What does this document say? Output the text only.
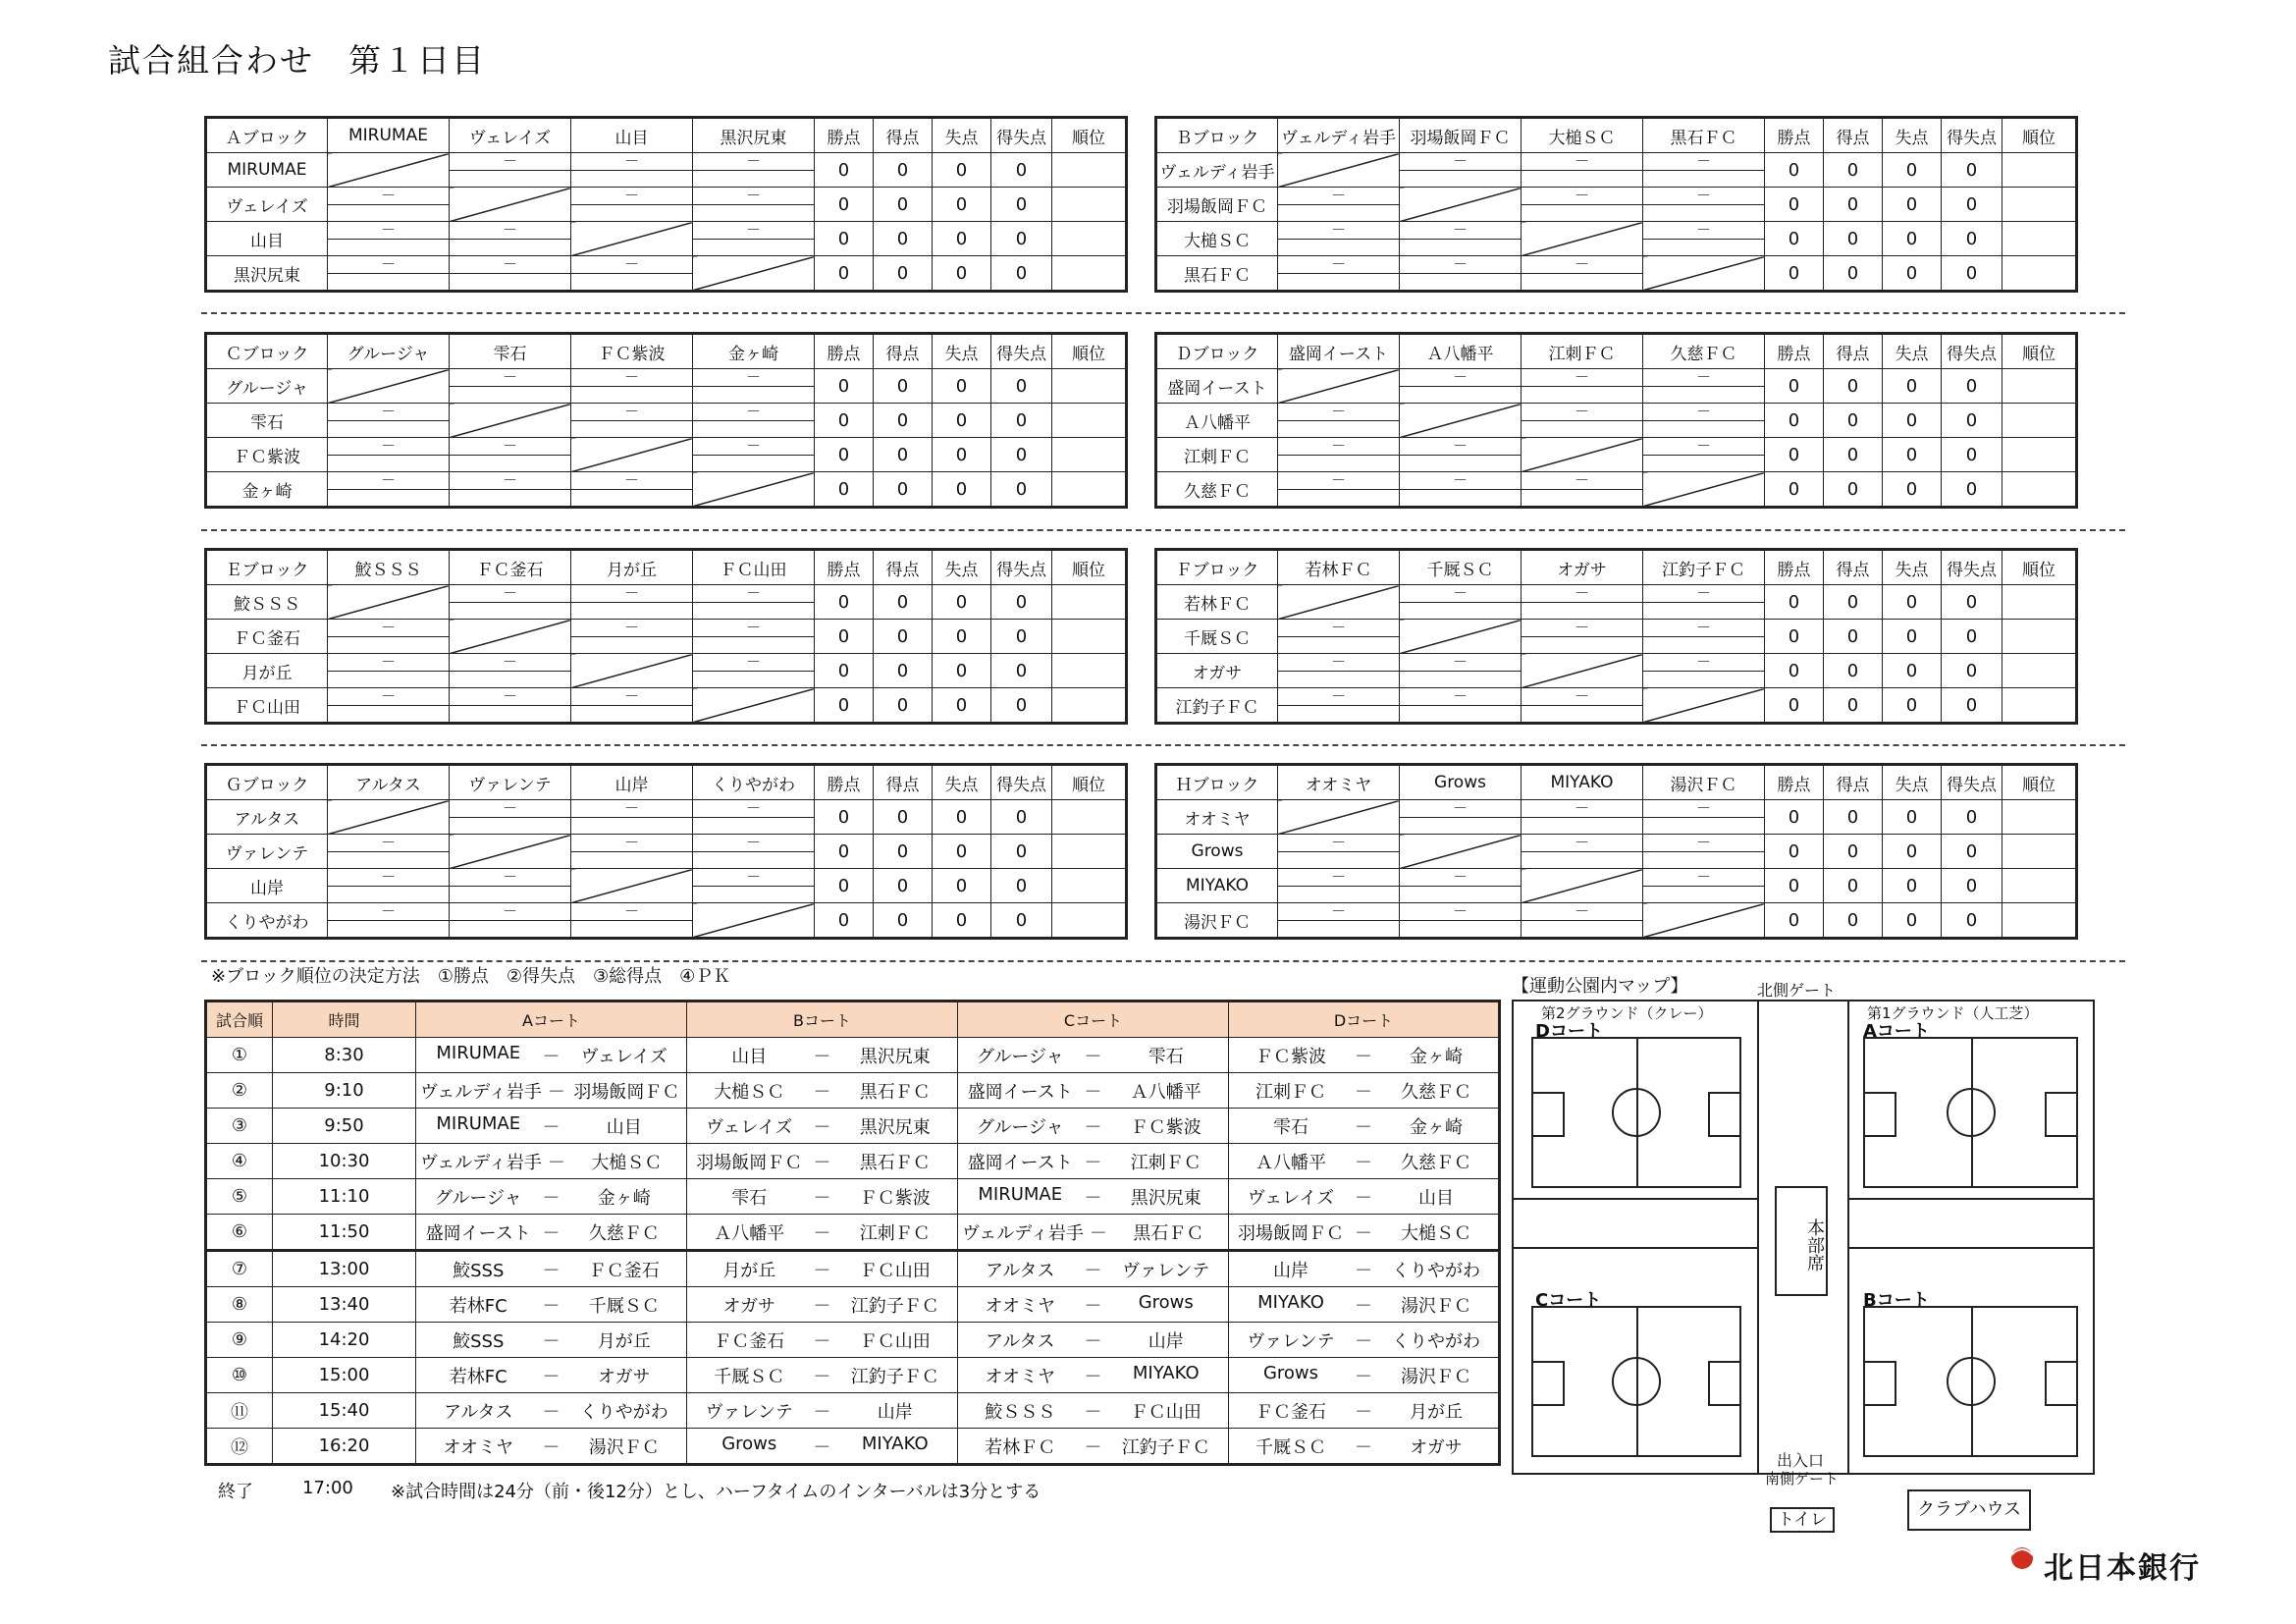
試合組合わせ　第１日目
Ａブロック	MIRUMAE	ヴェレイズ	山目	黒沢尻東	勝点	得点	失点	得失点	順位
MIRUMAE		－	－	－	0	0	0	0	
ヴェレイズ	－		－	－	0	0	0	0	
山目	－	－		－	0	0	0	0	
黒沢尻東	－	－	－		0	0	0	0	
Ｂブロック	ヴェルディ岩手	羽場飯岡ＦＣ	大槌ＳＣ	黒石ＦＣ	勝点	得点	失点	得失点	順位
ヴェルディ岩手		－	－	－	0	0	0	0	
羽場飯岡ＦＣ	－		－	－	0	0	0	0	
大槌ＳＣ	－	－		－	0	0	0	0	
黒石ＦＣ	－	－	－		0	0	0	0	
Ｃブロック	グルージャ	雫石	ＦＣ紫波	金ヶ崎	勝点	得点	失点	得失点	順位
グルージャ		－	－	－	0	0	0	0	
雫石	－		－	－	0	0	0	0	
ＦＣ紫波	－	－		－	0	0	0	0	
金ヶ崎	－	－	－		0	0	0	0	
Ｄブロック	盛岡イースト	Ａ八幡平	江刺ＦＣ	久慈ＦＣ	勝点	得点	失点	得失点	順位
盛岡イースト		－	－	－	0	0	0	0	
Ａ八幡平	－		－	－	0	0	0	0	
江刺ＦＣ	－	－		－	0	0	0	0	
久慈ＦＣ	－	－	－		0	0	0	0	
Ｅブロック	鮫ＳＳＳ	ＦＣ釜石	月が丘	ＦＣ山田	勝点	得点	失点	得失点	順位
鮫ＳＳＳ		－	－	－	0	0	0	0	
ＦＣ釜石	－		－	－	0	0	0	0	
月が丘	－	－		－	0	0	0	0	
ＦＣ山田	－	－	－		0	0	0	0	
Ｆブロック	若林ＦＣ	千厩ＳＣ	オガサ	江釣子ＦＣ	勝点	得点	失点	得失点	順位
若林ＦＣ		－	－	－	0	0	0	0	
千厩ＳＣ	－		－	－	0	0	0	0	
オガサ	－	－		－	0	0	0	0	
江釣子ＦＣ	－	－	－		0	0	0	0	
Ｇブロック	アルタス	ヴァレンテ	山岸	くりやがわ	勝点	得点	失点	得失点	順位
アルタス		－	－	－	0	0	0	0	
ヴァレンテ	－		－	－	0	0	0	0	
山岸	－	－		－	0	0	0	0	
くりやがわ	－	－	－		0	0	0	0	
Ｈブロック	オオミヤ	Grows	MIYAKO	湯沢ＦＣ	勝点	得点	失点	得失点	順位
オオミヤ		－	－	－	0	0	0	0	
Grows	－		－	－	0	0	0	0	
MIYAKO	－	－		－	0	0	0	0	
湯沢ＦＣ	－	－	－		0	0	0	0	
※ブロック順位の決定方法　①勝点　②得失点　③総得点　④ＰＫ
試合順	時間	Aコート	Bコート	Cコート	Dコート
①	8:30	MIRUMAE － ヴェレイズ	山目 － 黒沢尻東	グルージャ － 雫石	ＦＣ紫波 － 金ヶ崎

②	9:10	ヴェルディ岩手 － 羽場飯岡ＦＣ	大槌ＳＣ － 黒石ＦＣ	盛岡イースト － Ａ八幡平	江刺ＦＣ － 久慈ＦＣ

③	9:50	MIRUMAE － 山目	ヴェレイズ － 黒沢尻東	グルージャ － ＦＣ紫波	雫石 － 金ヶ崎

④	10:30	ヴェルディ岩手 － 大槌ＳＣ	羽場飯岡ＦＣ － 黒石ＦＣ	盛岡イースト － 江刺ＦＣ	Ａ八幡平 － 久慈ＦＣ

⑤	11:10	グルージャ － 金ヶ崎	雫石 － ＦＣ紫波	MIRUMAE － 黒沢尻東	ヴェレイズ － 山目

⑥	11:50	盛岡イースト － 久慈ＦＣ	Ａ八幡平 － 江刺ＦＣ	ヴェルディ岩手 － 黒石ＦＣ	羽場飯岡ＦＣ － 大槌ＳＣ

⑦	13:00	鮫SSS － ＦＣ釜石	月が丘 － ＦＣ山田	アルタス － ヴァレンテ	山岸 － くりやがわ

⑧	13:40	若林FC － 千厩ＳＣ	オガサ － 江釣子ＦＣ	オオミヤ － Grows	MIYAKO － 湯沢ＦＣ

⑨	14:20	鮫SSS － 月が丘	ＦＣ釜石 － ＦＣ山田	アルタス － 山岸	ヴァレンテ － くりやがわ

⑩	15:00	若林FC － オガサ	千厩ＳＣ － 江釣子ＦＣ	オオミヤ － MIYAKO	Grows － 湯沢ＦＣ

⑪	15:40	アルタス － くりやがわ	ヴァレンテ － 山岸	鮫ＳＳＳ － ＦＣ山田	ＦＣ釜石 － 月が丘

⑫	16:20	オオミヤ － 湯沢ＦＣ	Grows － MIYAKO	若林ＦＣ － 江釣子ＦＣ	千厩ＳＣ － オガサ
終了	17:00 ※試合時間は24分（前・後12分）とし、ハーフタイムのインターバルは3分とする
【運動公園内マップ】	北側ゲート
第2グラウンド（クレー）	第1グラウンド（人工芝）
Dコート	Aコート
Cコート	Bコート
本部席
出入口
南側ゲート
トイレ	クラブハウス
北日本銀行
